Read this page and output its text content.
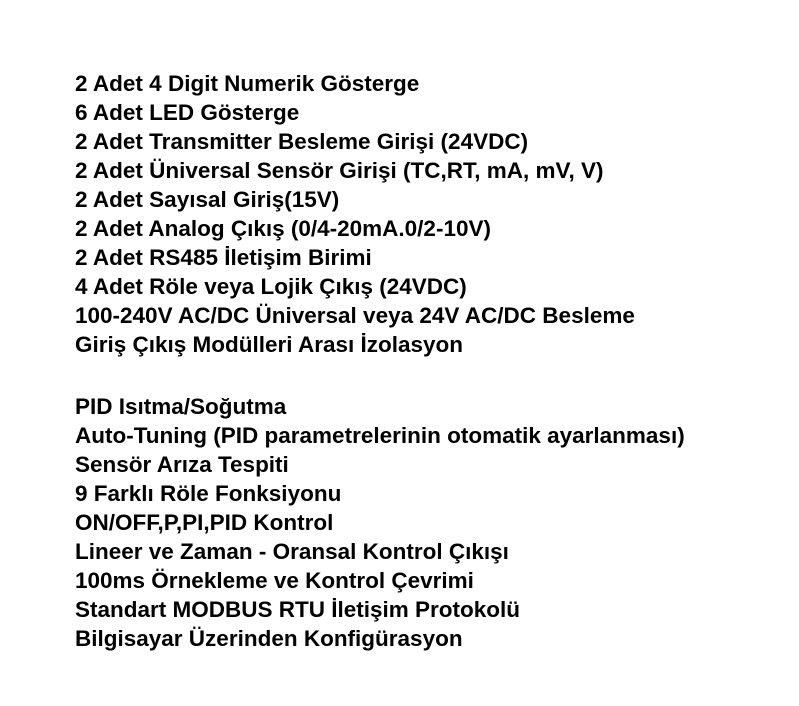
2 Adet 4 Digit Numerik Gösterge
6 Adet LED Gösterge
2 Adet Transmitter Besleme Girişi (24VDC)
2 Adet Üniversal Sensör Girişi (TC,RT, mA, mV, V)
2 Adet Sayısal Giriş(15V)
2 Adet Analog Çıkış (0/4-20mA.0/2-10V)
2 Adet RS485 İletişim Birimi
4 Adet Röle veya Lojik Çıkış (24VDC)
100-240V AC/DC Üniversal veya 24V AC/DC Besleme
Giriş Çıkış Modülleri Arası İzolasyon
PID Isıtma/Soğutma
Auto-Tuning (PID parametrelerinin otomatik ayarlanması)
Sensör Arıza Tespiti
9 Farklı Röle Fonksiyonu
ON/OFF,P,PI,PID Kontrol
Lineer ve Zaman - Oransal Kontrol Çıkışı
100ms Örnekleme ve Kontrol Çevrimi
Standart MODBUS RTU İletişim Protokolü
Bilgisayar Üzerinden Konfigürasyon
